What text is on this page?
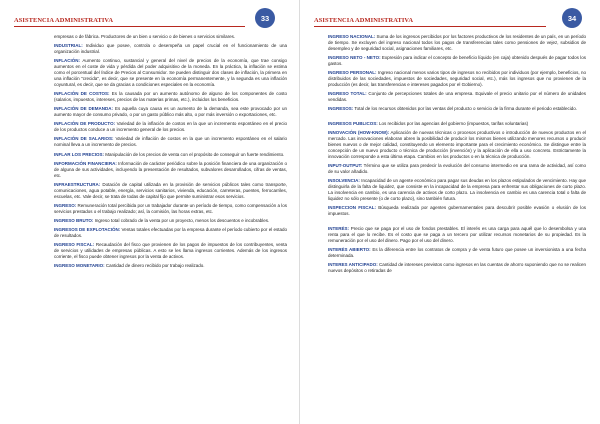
ASISTENCIA ADMINISTRATIVA	33

empresas o de fábrica. Productores de un bien o servicio o de bienes o servicios similares.

INDUSTRIAL: Individuo que posee, controla o desempeña un papel crucial en el funcionamiento de una organización industrial.

INFLACIÓN: Aumento continuo, sustancial y general del nivel de precios de la economía, que trae consigo aumentos en el coste de vida y pérdida del poder adquisitivo de la moneda. En la práctica, la inflación se estima como el porcentual del Índice de Precios al Consumidor. Se pueden distinguir dos clases de inflación, la primera en una inflación "crecida", es decir, que se presente en la economía permanentemente, y la segunda es una inflación coyuntural, es decir, que se da gracias a condiciones especiales en la economía.

INFLACIÓN DE COSTOS: Es la causada por un aumento autónomo de alguno de los componentes de costo (salarios, impuestos, intereses, precios de las materias primas, etc.), incluidos los beneficios.

INFLACIÓN DE DEMANDA: Es aquella cuya causa es un aumento de la demanda, sea este provocado por un aumento mayor de consumo privado, o por un gasto público más alto, o por más inversión o exportaciones, etc.

INFLACIÓN DE PRODUCTO: Variedad de la inflación de costos en la que un incremento espontáneo en el precio de los productos conduce a un incremento general de los precios.

INFLACIÓN DE SALARIOS: Variedad de inflación de costos en la que un incremento espontáneo en el salario nominal lleva a un incremento de precios.

INFLAR LOS PRECIOS: Manipulación de los precios de venta con el propósito de conseguir un fuerte rendimiento.

INFORMACIÓN FINANCIERA: Información de carácter periódico sobre la posición financiera de una organización o de alguna de sus actividades, incluyendo la presentación de resultados, subvalores desarrollados, cifras de ventas, etc.

INFRAESTRUCTURA: Dotación de capital utilizada en la provisión de servicios públicos tales como transporte, comunicaciones, agua potable, energía, servicios sanitarios, vivienda, educación, carreteras, puentes, ferrocarriles, escuelas, etc. Vale decir, se trata de todas de capital fijo que permite suministrar esos servicios.

INGRESO: Remuneración total percibida por un trabajador durante un período de tiempo, como compensación a los servicios prestados o el trabajo realizado; así, la comisión, las horas extras, etc.

INGRESO BRUTO: Ingreso total cobrado de la venta por un proyecto, menos los descuentos e incobrables.

INGRESOS DE EXPLOTACIÓN: Ventas totales efectuadas por la empresa durante el período cubierto por el estado de resultados.

INGRESO FISCAL: Recaudación del fisco que provienen de los pagos de impuestos de los contribuyentes, venta de servicios y utilidades de empresas públicas. A esto se les llama ingresos corrientes. Además de los ingresos corriente, el fisco puede obtener ingresos por la venta de activos.

INGRESO MONETARIO: Cantidad de dinero recibido por trabajo realizado.

ASISTENCIA ADMINISTRATIVA	34

INGRESO NACIONAL: Suma de los ingresos percibidos por los factores productivos de los residentes de un país, en un período de tiempo. Se excluyen del ingreso nacional todos los pagos de transferencias tales como pensiones de vejez, subsidios de desempleo y de seguridad social, asignaciones familiares, etc.

INGRESO NETO - NETO: Expresión para indicar el concepto de beneficio líquido (en caja) obtenido después de pagar todos los gastos.

INGRESO PERSONAL: Ingreso nacional menos varios tipos de ingresos no recibidos por individuos (por ejemplo, beneficios, no distribuidos de las sociedades, impuestos de sociedades, seguridad social, etc.), más los ingresos que no provienen de la producción (es decir, las transferencias e intereses pagados por el Gobierno).

INGRESO TOTAL: Conjunto de percepciones totales de una empresa. Equivale el precio unitario por el número de unidades vendidas.

INGRESOS: Total de los recursos obtenidos por las ventas del producto o servicio de la firma durante el periodo establecido.

INGRESOS PUBLICOS: Los recibidos por las agencias del gobierno (impuestos, tarifas voluntarias)

INNOVACIÓN (HOW-KNOW): Aplicación de nuevas técnicas o procesos productivos o introducción de nuevos productos en el mercado. Las innovaciones elaboran abren la posibilidad de producir los mismos bienes utilizando menores recursos o producir bienes nuevos o de mejor calidad, constituyendo un elemento importante para el crecimiento económico. Se distingue entre la concepción de un nuevo producto o técnica de producción (invención) y la aplicación de ella a uso concreto. Estrictamente la innovación corresponde a esta última etapa. Cambios en los productos o en la técnica de producción.

INPUT-OUTPUT: Término que se utiliza para predecir la evolución del consumo intermedio en una rama de actividad, así como de su valor añadido.

INSOLVENCIA: Incapacidad de un agente económico para pagar sus deudas en los plazos estipulados de vencimiento. Hay que distinguirla de la falta de liquidez, que consiste en la incapacidad de la empresa para enfrentar sus obligaciones de corto plazo. La insolvencia en cambio, es una carencia de activos de corto plazo. La insolvencia en cambio es una carencia total o falta de liquidez no sólo presente (o de corto plazo), sino también futura.

INSPECCION FISCAL: Búsqueda realizada por agentes gubernamentales para descubrir posible evasión o elusión de los impuestos.

INTERÉS: Precio que se paga por el uso de fondos prestables. El interés es una carga para aquél que lo desembolsa y una renta para el que lo recibe. Es el costo que se paga a un tercero por utilizar recursos monetarios de su propiedad. Es la remuneración por el uso del dinero. Pago por el uso del dinero.

INTERÉS ABIERTO: Es la diferencia entre los contratos de compra y de venta futuro que posee un inversionista a una fecha determinada.

INTERES ANTICIPADO: Cantidad de intereses previstos como ingresos en las cuentas de ahorro suponiendo que no se realicen nuevos depósitos o retiradas de
